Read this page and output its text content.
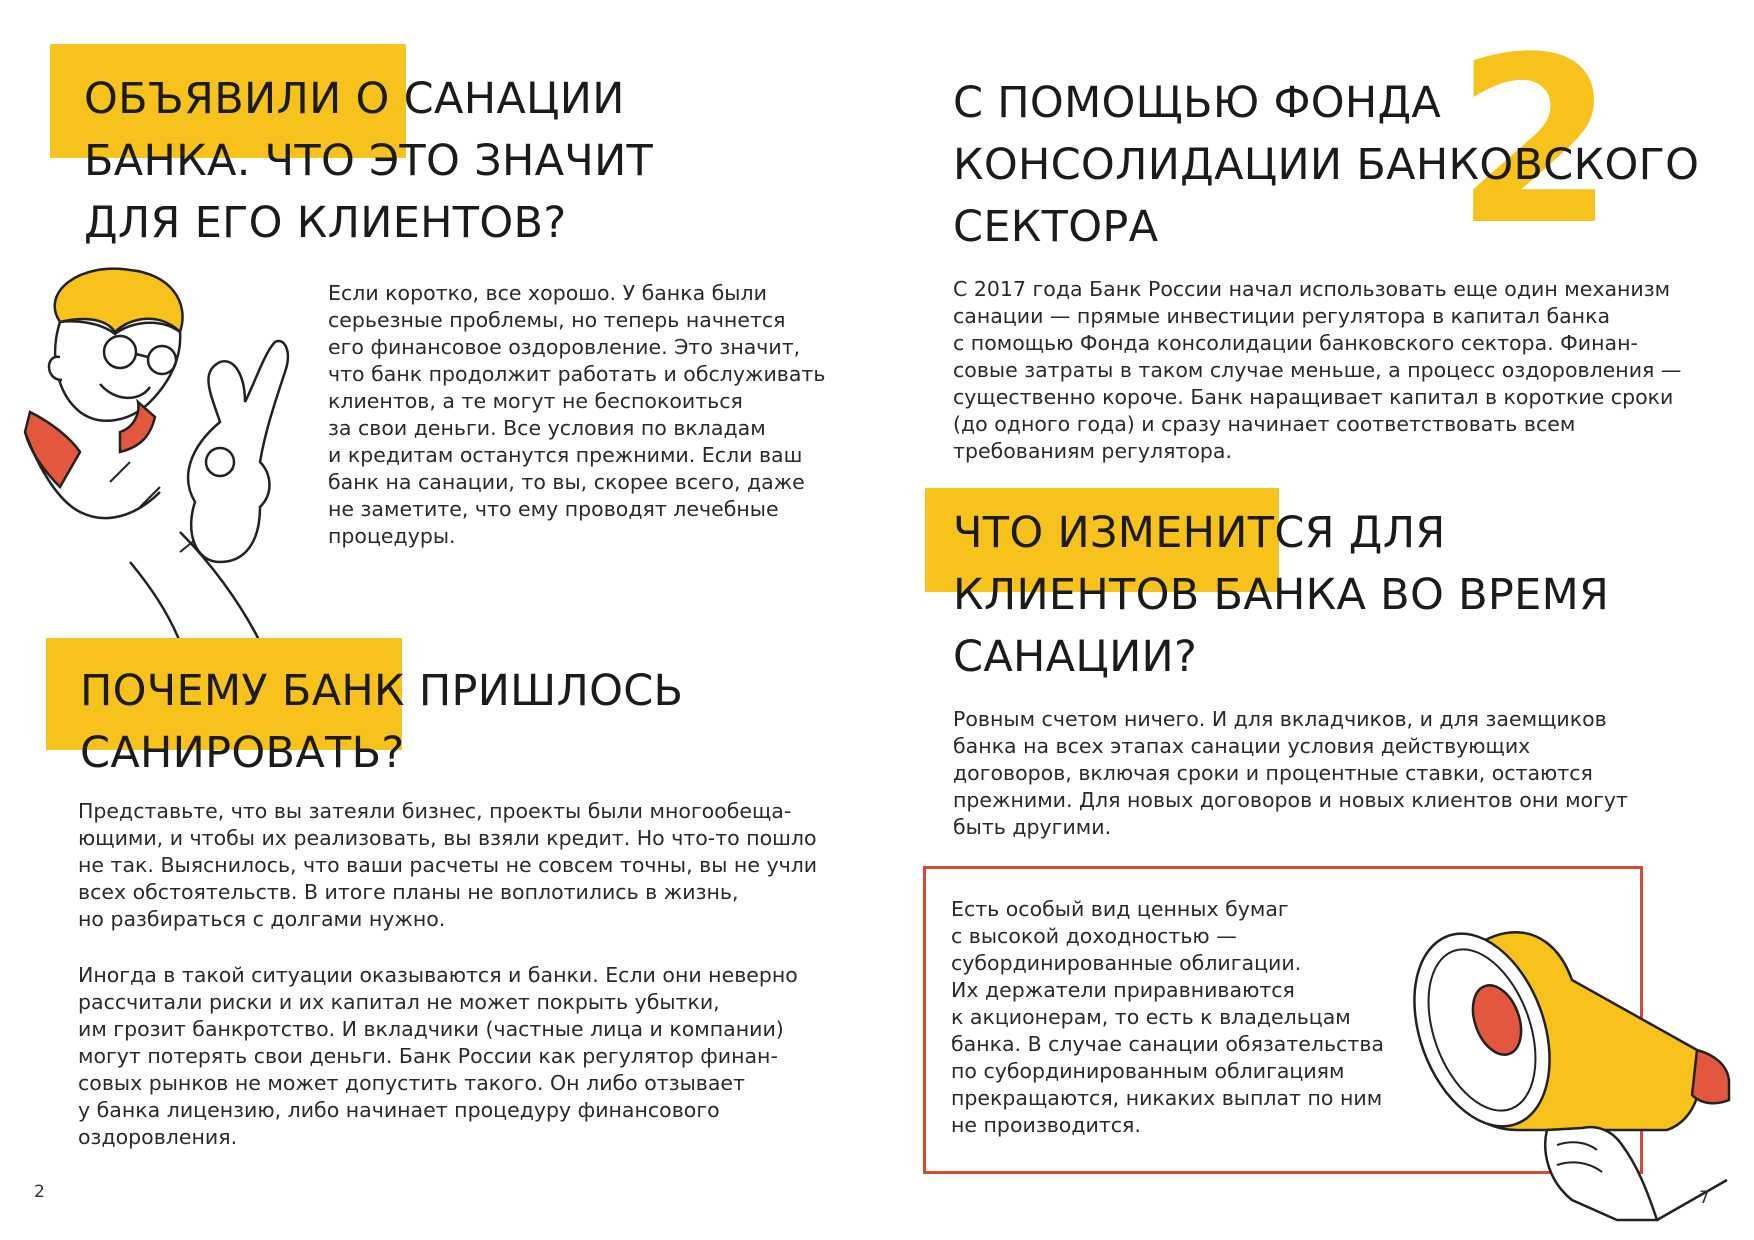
ОБЪЯВИЛИ О САНАЦИИ
БАНКА. ЧТО ЭТО ЗНАЧИТ
ДЛЯ ЕГО КЛИЕНТОВ?

Если коротко, все хорошо. У банка были
серьезные проблемы, но теперь начнется
его финансовое оздоровление. Это значит,
что банк продолжит работать и обслуживать
клиентов, а те могут не беспокоиться
за свои деньги. Все условия по вкладам
и кредитам останутся прежними. Если ваш
банк на санации, то вы, скорее всего, даже
не заметите, что ему проводят лечебные
процедуры.

ПОЧЕМУ БАНК ПРИШЛОСЬ
САНИРОВАТЬ?

Представьте, что вы затеяли бизнес, проекты были многообеща-
ющими, и чтобы их реализовать, вы взяли кредит. Но что-то пошло
не так. Выяснилось, что ваши расчеты не совсем точны, вы не учли
всех обстоятельств. В итоге планы не воплотились в жизнь,
но разбираться с долгами нужно.

Иногда в такой ситуации оказываются и банки. Если они неверно
рассчитали риски и их капитал не может покрыть убытки,
им грозит банкротство. И вкладчики (частные лица и компании)
могут потерять свои деньги. Банк России как регулятор финан-
совых рынков не может допустить такого. Он либо отзывает
у банка лицензию, либо начинает процедуру финансового
оздоровления.

2
2
С ПОМОЩЬЮ ФОНДА
КОНСОЛИДАЦИИ БАНКОВСКОГО
СЕКТОРА

С 2017 года Банк России начал использовать еще один механизм
санации — прямые инвестиции регулятора в капитал банка
с помощью Фонда консолидации банковского сектора. Финан-
совые затраты в таком случае меньше, а процесс оздоровления —
существенно короче. Банк наращивает капитал в короткие сроки
(до одного года) и сразу начинает соответствовать всем
требованиям регулятора.

ЧТО ИЗМЕНИТСЯ ДЛЯ
КЛИЕНТОВ БАНКА ВО ВРЕМЯ
САНАЦИИ?

Ровным счетом ничего. И для вкладчиков, и для заемщиков
банка на всех этапах санации условия действующих
договоров, включая сроки и процентные ставки, остаются
прежними. Для новых договоров и новых клиентов они могут
быть другими.

Есть особый вид ценных бумаг
с высокой доходностью —
субординированные облигации.
Их держатели приравниваются
к акционерам, то есть к владельцам
банка. В случае санации обязательства
по субординированным облигациям
прекращаются, никаких выплат по ним
не производится.

7
